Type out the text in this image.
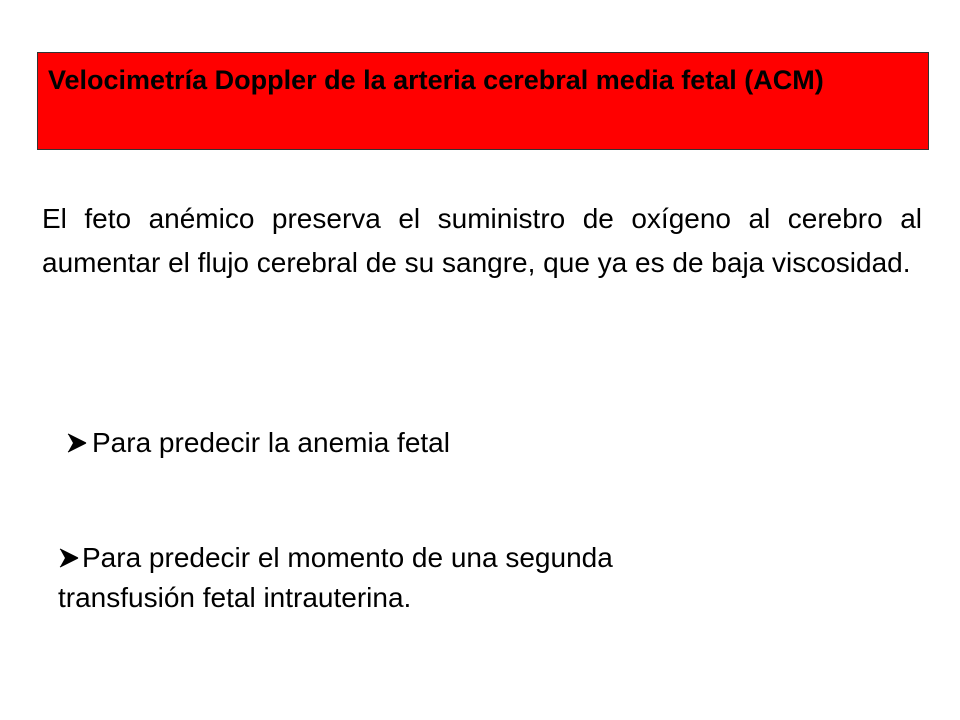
Velocimetría Doppler de la arteria cerebral media fetal (ACM)

El feto anémico preserva el suministro de oxígeno al cerebro al aumentar el flujo cerebral de su sangre, que ya es de baja viscosidad.

Para predecir la anemia fetal
Para predecir el momento de una segunda
transfusión fetal intrauterina.
